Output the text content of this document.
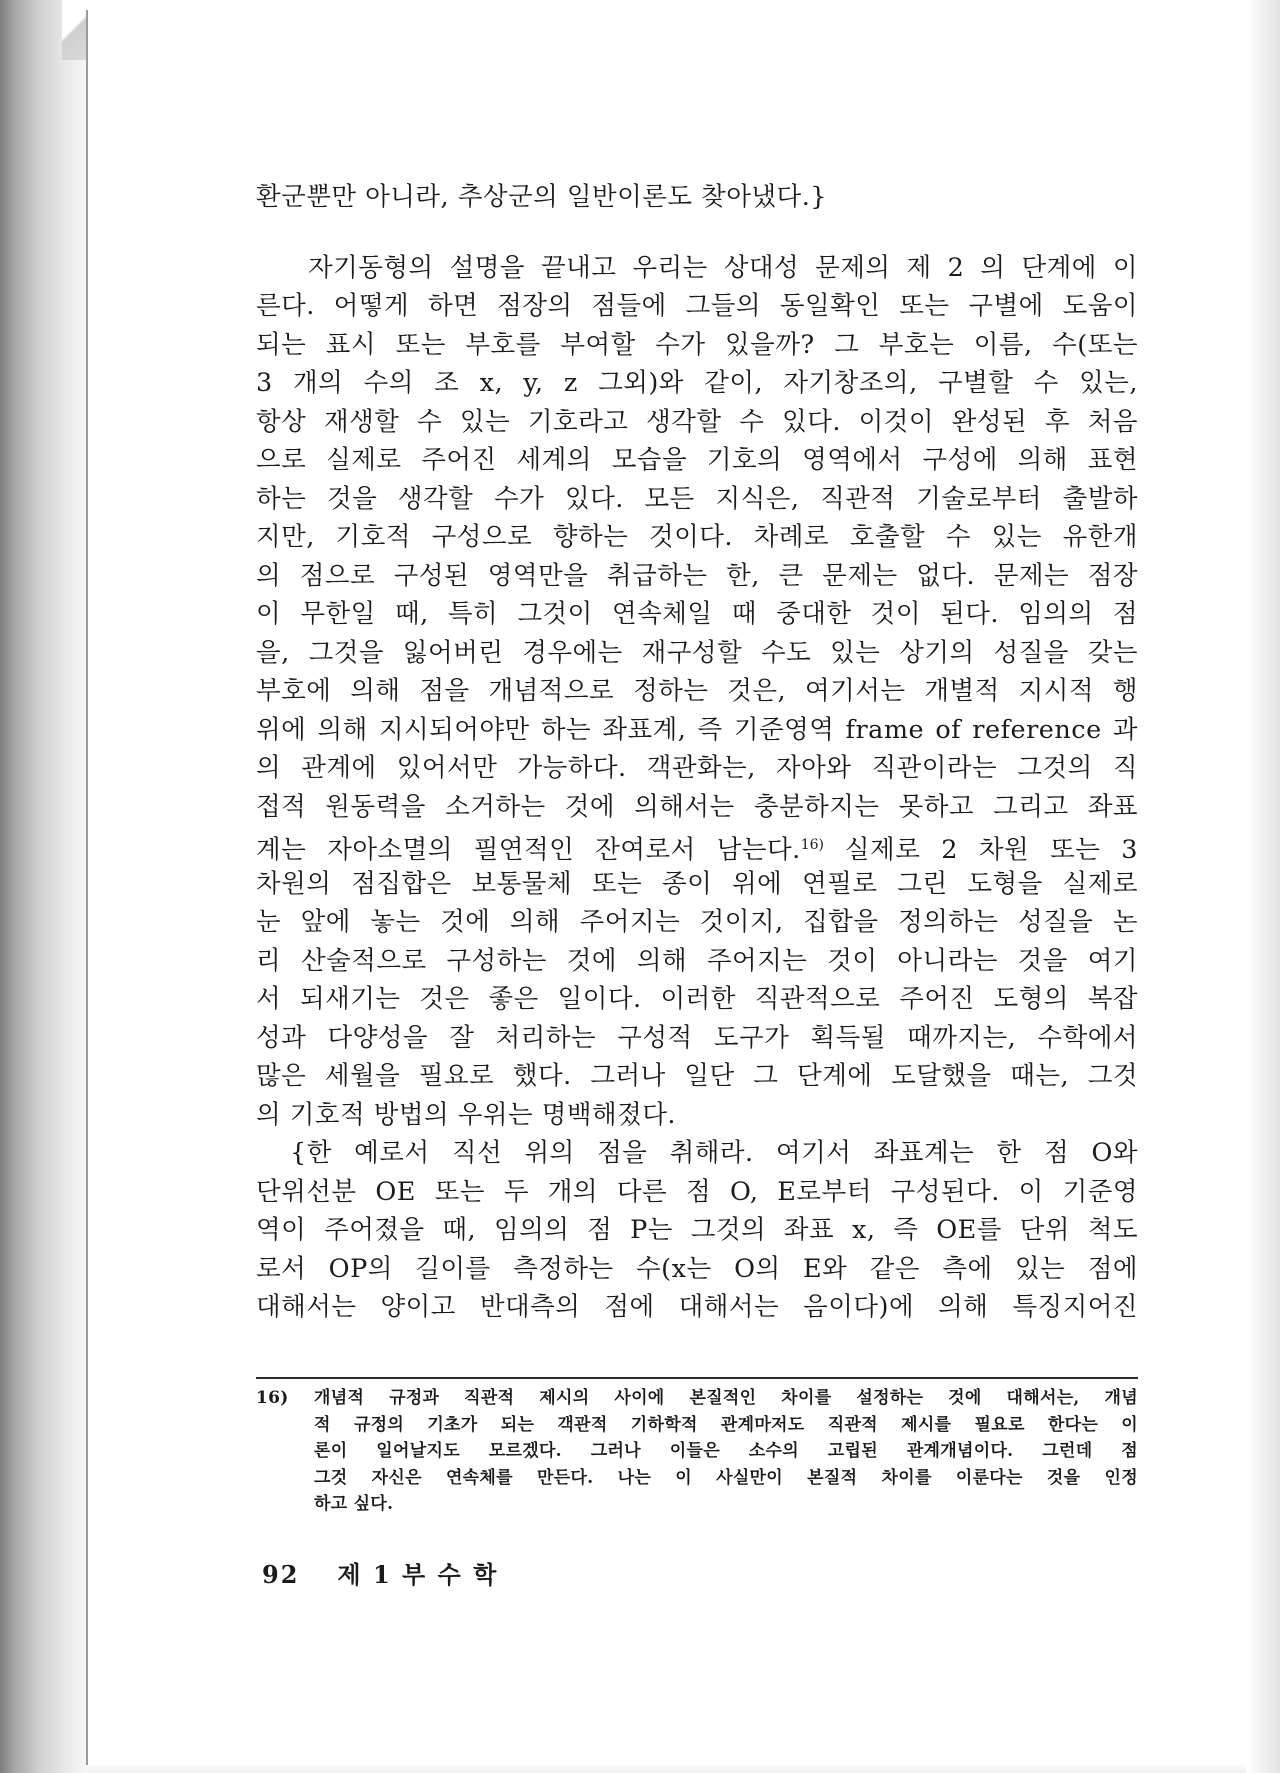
환군뿐만 아니라, 추상군의 일반이론도 찾아냈다.}
자기동형의 설명을 끝내고 우리는 상대성 문제의 제 2 의 단계에 이
른다. 어떻게 하면 점장의 점들에 그들의 동일확인 또는 구별에 도움이
되는 표시 또는 부호를 부여할 수가 있을까? 그 부호는 이름, 수(또는
3 개의 수의 조 x, y, z 그외)와 같이, 자기창조의, 구별할 수 있는,
항상 재생할 수 있는 기호라고 생각할 수 있다. 이것이 완성된 후 처음
으로 실제로 주어진 세계의 모습을 기호의 영역에서 구성에 의해 표현
하는 것을 생각할 수가 있다. 모든 지식은, 직관적 기술로부터 출발하
지만, 기호적 구성으로 향하는 것이다. 차례로 호출할 수 있는 유한개
의 점으로 구성된 영역만을 취급하는 한, 큰 문제는 없다. 문제는 점장
이 무한일 때, 특히 그것이 연속체일 때 중대한 것이 된다. 임의의 점
을, 그것을 잃어버린 경우에는 재구성할 수도 있는 상기의 성질을 갖는
부호에 의해 점을 개념적으로 정하는 것은, 여기서는 개별적 지시적 행
위에 의해 지시되어야만 하는 좌표계, 즉 기준영역 frame of reference 과
의 관계에 있어서만 가능하다. 객관화는, 자아와 직관이라는 그것의 직
접적 원동력을 소거하는 것에 의해서는 충분하지는 못하고 그리고 좌표
계는 자아소멸의 필연적인 잔여로서 남는다.$^{16)}$ 실제로 2 차원 또는 3
차원의 점집합은 보통물체 또는 종이 위에 연필로 그린 도형을 실제로
눈 앞에 놓는 것에 의해 주어지는 것이지, 집합을 정의하는 성질을 논
리 산술적으로 구성하는 것에 의해 주어지는 것이 아니라는 것을 여기
서 되새기는 것은 좋은 일이다. 이러한 직관적으로 주어진 도형의 복잡
성과 다양성을 잘 처리하는 구성적 도구가 획득될 때까지는, 수학에서
많은 세월을 필요로 했다. 그러나 일단 그 단계에 도달했을 때는, 그것
의 기호적 방법의 우위는 명백해졌다.
{한 예로서 직선 위의 점을 취해라. 여기서 좌표계는 한 점 O와
단위선분 OE 또는 두 개의 다른 점 O, E로부터 구성된다. 이 기준영
역이 주어졌을 때, 임의의 점 P는 그것의 좌표 x, 즉 OE를 단위 척도
로서 OP의 길이를 측정하는 수(x는 O의 E와 같은 측에 있는 점에
대해서는 양이고 반대측의 점에 대해서는 음이다)에 의해 특징지어진
16) 개념적 규정과 직관적 제시의 사이에 본질적인 차이를 설정하는 것에 대해서는, 개념
적 규정의 기초가 되는 객관적 기하학적 관계마저도 직관적 제시를 필요로 한다는 이
론이 일어날지도 모르겠다. 그러나 이들은 소수의 고립된 관계개념이다. 그런데 점
그것 자신은 연속체를 만든다. 나는 이 사실만이 본질적 차이를 이룬다는 것을 인정
하고 싶다.
92 제 1 부 수 학
